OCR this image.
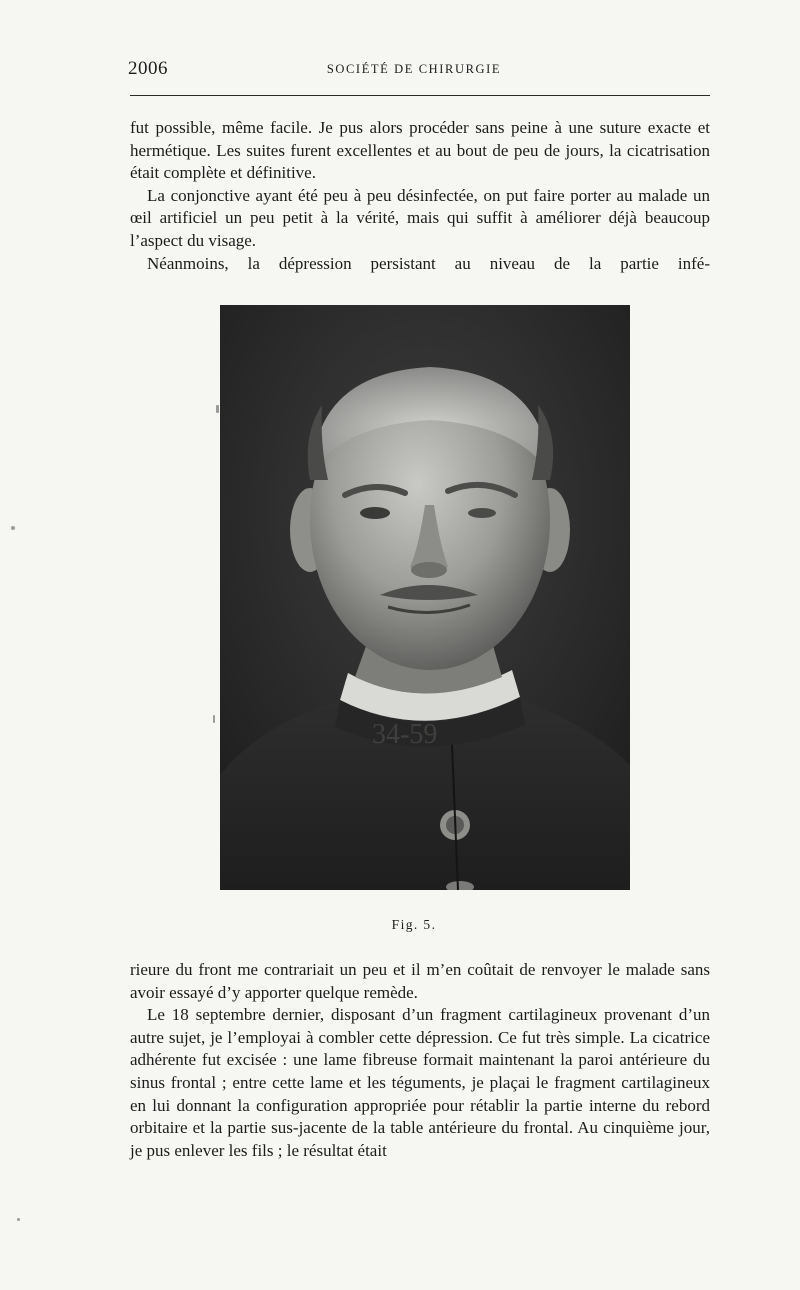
2006	SOCIÉTÉ DE CHIRURGIE

fut possible, même facile. Je pus alors procéder sans peine à une suture exacte et hermétique. Les suites furent excellentes et au bout de peu de jours, la cicatrisation était complète et définitive.

La conjonctive ayant été peu à peu désinfectée, on put faire porter au malade un œil artificiel un peu petit à la vérité, mais qui suffit à améliorer déjà beaucoup l’aspect du visage.

Néanmoins, la dépression persistant au niveau de la partie infé-

34-59
Fig. 5.

rieure du front me contrariait un peu et il m’en coûtait de renvoyer le malade sans avoir essayé d’y apporter quelque remède.

Le 18 septembre dernier, disposant d’un fragment cartilagineux provenant d’un autre sujet, je l’employai à combler cette dépression. Ce fut très simple. La cicatrice adhérente fut excisée : une lame fibreuse formait maintenant la paroi antérieure du sinus frontal ; entre cette lame et les téguments, je plaçai le fragment cartilagineux en lui donnant la configuration appropriée pour rétablir la partie interne du rebord orbitaire et la partie sus-jacente de la table antérieure du frontal. Au cinquième jour, je pus enlever les fils ; le résultat était
